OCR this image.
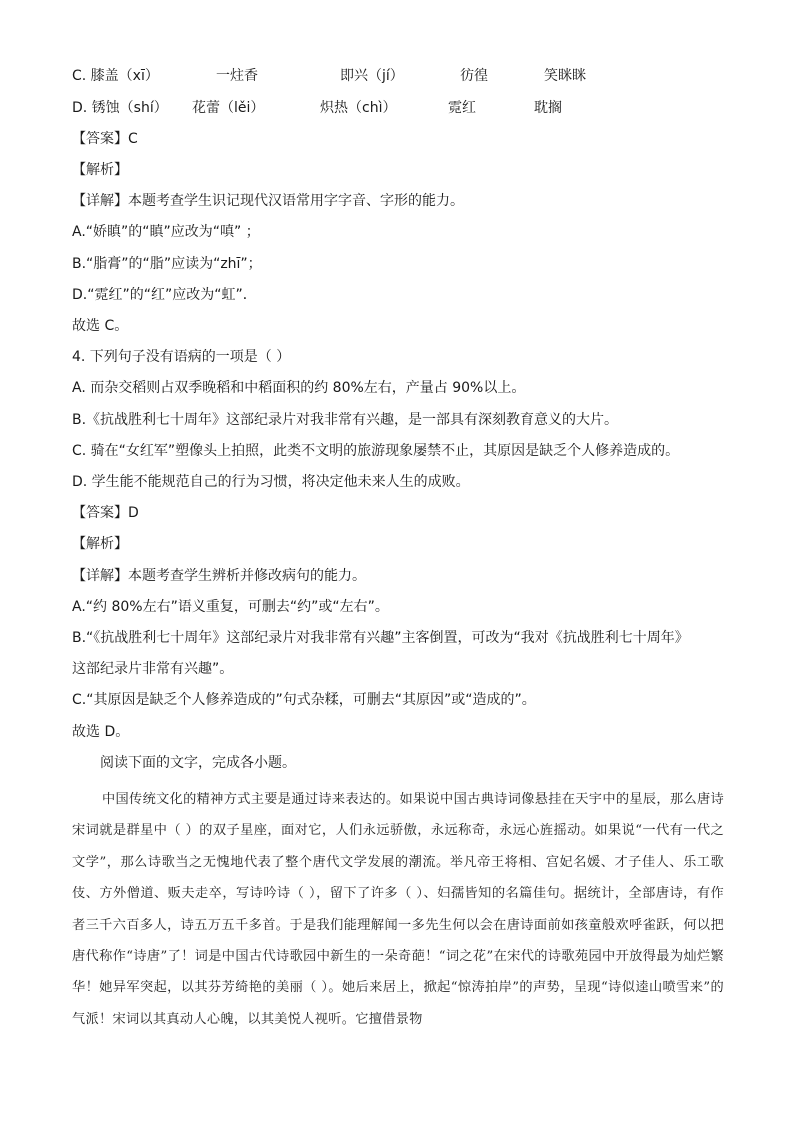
C. 膝盖（xī）	一炷香	即兴（jí）	彷徨	笑眯眯
D. 锈蚀（shí） 花蕾（lěi）	炽热（chì）	霓红	耽搁
【答案】C
【解析】
【详解】本题考查学生识记现代汉语常用字字音、字形的能力。
A.“娇瞋”的“瞋”应改为“嗔” ；
B.“脂膏”的“脂”应读为“zhī”；
D.“霓红”的“红”应改为“虹”．
故选 C。
4. 下列句子没有语病的一项是（ ）
A. 而杂交稻则占双季晚稻和中稻面积的约 80%左右，产量占 90%以上。
B.《抗战胜利七十周年》这部纪录片对我非常有兴趣，是一部具有深刻教育意义的大片。
C. 骑在“女红军”塑像头上拍照，此类不文明的旅游现象屡禁不止，其原因是缺乏个人修养造成的。
D. 学生能不能规范自己的行为习惯，将决定他未来人生的成败。
【答案】D
【解析】
【详解】本题考查学生辨析并修改病句的能力。
A.“约 80%左右”语义重复，可删去“约”或“左右”。
B.“《抗战胜利七十周年》这部纪录片对我非常有兴趣”主客倒置，可改为“我对《抗战胜利七十周年》
这部纪录片非常有兴趣”。
C.“其原因是缺乏个人修养造成的”句式杂糅，可删去“其原因”或“造成的”。
故选 D。
阅读下面的文字，完成各小题。
中国传统文化的精神方式主要是通过诗来表达的。如果说中国古典诗词像悬挂在天宇中的星辰，那么唐诗宋词就是群星中（ ）的双子星座，面对它，人们永远骄傲，永远称奇，永远心旌摇动。如果说“一代有一代之文学”，那么诗歌当之无愧地代表了整个唐代文学发展的潮流。举凡帝王将相、宫妃名媛、才子佳人、乐工歌伎、方外僧道、贩夫走卒，写诗吟诗（ ），留下了许多（ ）、妇孺皆知的名篇佳句。据统计，全部唐诗，有作者三千六百多人，诗五万五千多首。于是我们能理解闻一多先生何以会在唐诗面前如孩童般欢呼雀跃，何以把唐代称作“诗唐”了！词是中国古代诗歌园中新生的一朵奇葩！“词之花”在宋代的诗歌苑园中开放得最为灿烂繁华！她异军突起，以其芬芳绮艳的美丽（ ）。她后来居上，掀起“惊涛拍岸”的声势，呈现“诗似逵山喷雪来”的气派！宋词以其真动人心魄，以其美悦人视听。它擅借景物
